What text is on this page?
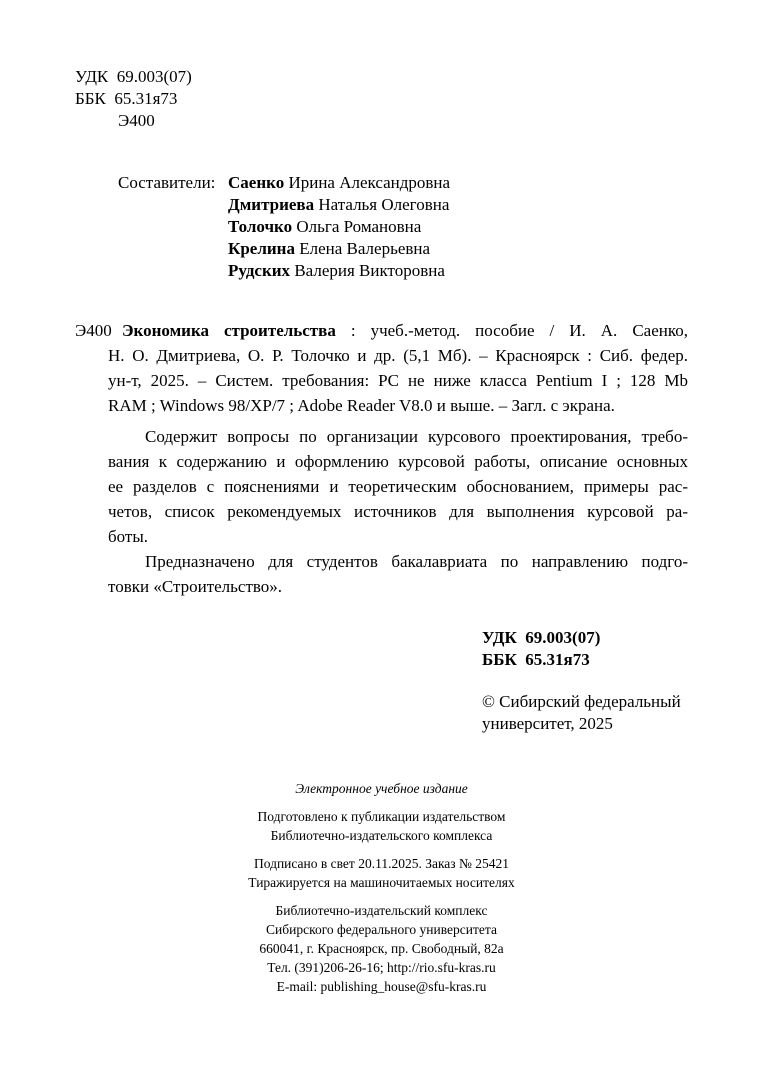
УДК  69.003(07)
ББК  65.31я73
Э400
Составители: Саенко Ирина Александровна
Дмитриева Наталья Олеговна
Толочко Ольга Романовна
Крелина Елена Валерьевна
Рудских Валерия Викторовна
Э400 Экономика строительства : учеб.-метод. пособие / И. А. Саенко,
Н. О. Дмитриева, О. Р. Толочко и др. (5,1 Мб). – Красноярск : Сиб. федер.
ун-т, 2025. – Систем. требования: PC не ниже класса Pentium I ; 128 Mb
RAM ; Windows 98/XP/7 ; Adobe Reader V8.0 и выше. – Загл. с экрана.
Содержит вопросы по организации курсового проектирования, требо-
вания к содержанию и оформлению курсовой работы, описание основных
ее разделов с пояснениями и теоретическим обоснованием, примеры рас-
четов, список рекомендуемых источников для выполнения курсовой ра-
боты.
Предназначено для студентов бакалавриата по направлению подго-
товки «Строительство».
УДК  69.003(07)
ББК  65.31я73
© Сибирский федеральный
университет, 2025
Электронное учебное издание
Подготовлено к публикации издательством
Библиотечно-издательского комплекса
Подписано в свет 20.11.2025. Заказ № 25421
Тиражируется на машиночитаемых носителях
Библиотечно-издательский комплекс
Сибирского федерального университета
660041, г. Красноярск, пр. Свободный, 82а
Тел. (391)206-26-16; http://rio.sfu-kras.ru
E-mail: publishing_house@sfu-kras.ru
